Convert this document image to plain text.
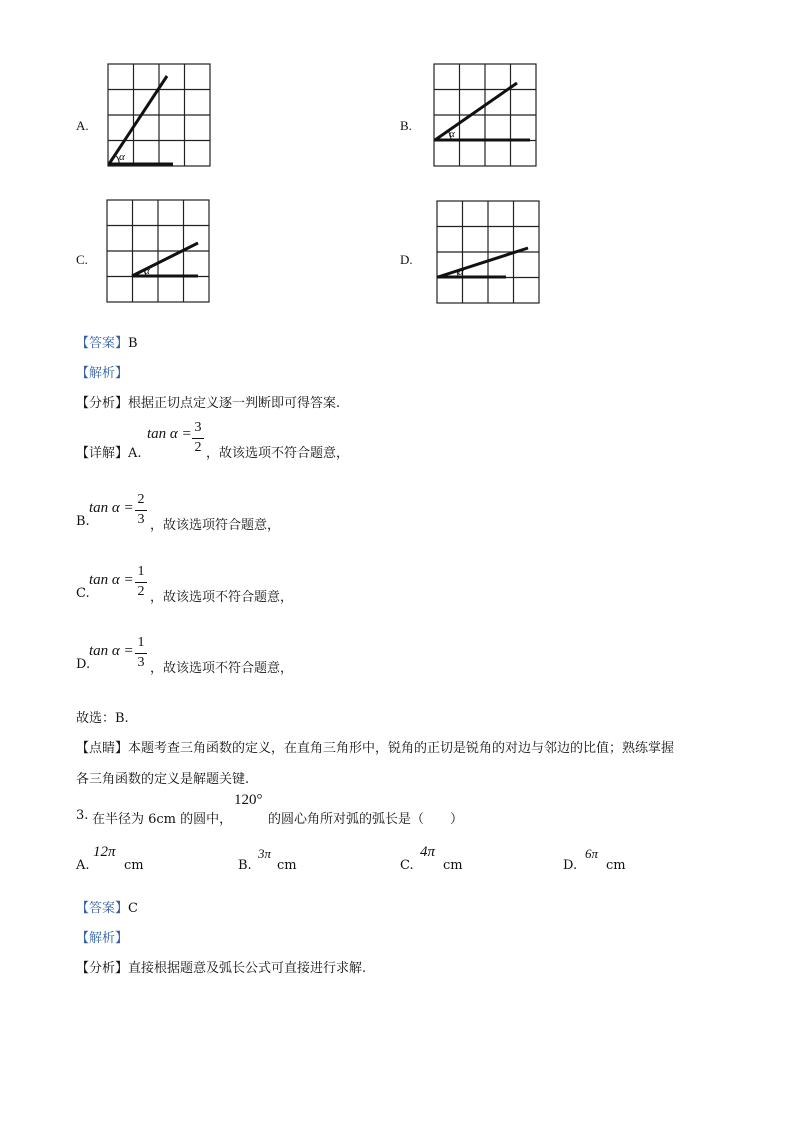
A.
α
B.
α
C.
α
D.
α
【答案】B
【解析】
【分析】根据正切点定义逐一判断即可得答案.
【详解】A.
tan α = 3
2 ，故该选项不符合题意，
B.
tan α =
2
3 ，故该选项符合题意，
C.
tan α =
1
2 ，故该选项不符合题意，
D.
tan α =
1
3 ，故该选项不符合题意，
故选：B.
【点睛】本题考查三角函数的定义，在直角三角形中，锐角的正切是锐角的对边与邻边的比值；熟练掌握
各三角函数的定义是解题关键.
3. 在半径为 6cm 的圆中，
120°
的圆心角所对弧的弧长是（　　）
A.
12π
cm	B.
3π
cm	C.
4π
cm	D.
6π
cm
【答案】C
【解析】
【分析】直接根据题意及弧长公式可直接进行求解.
